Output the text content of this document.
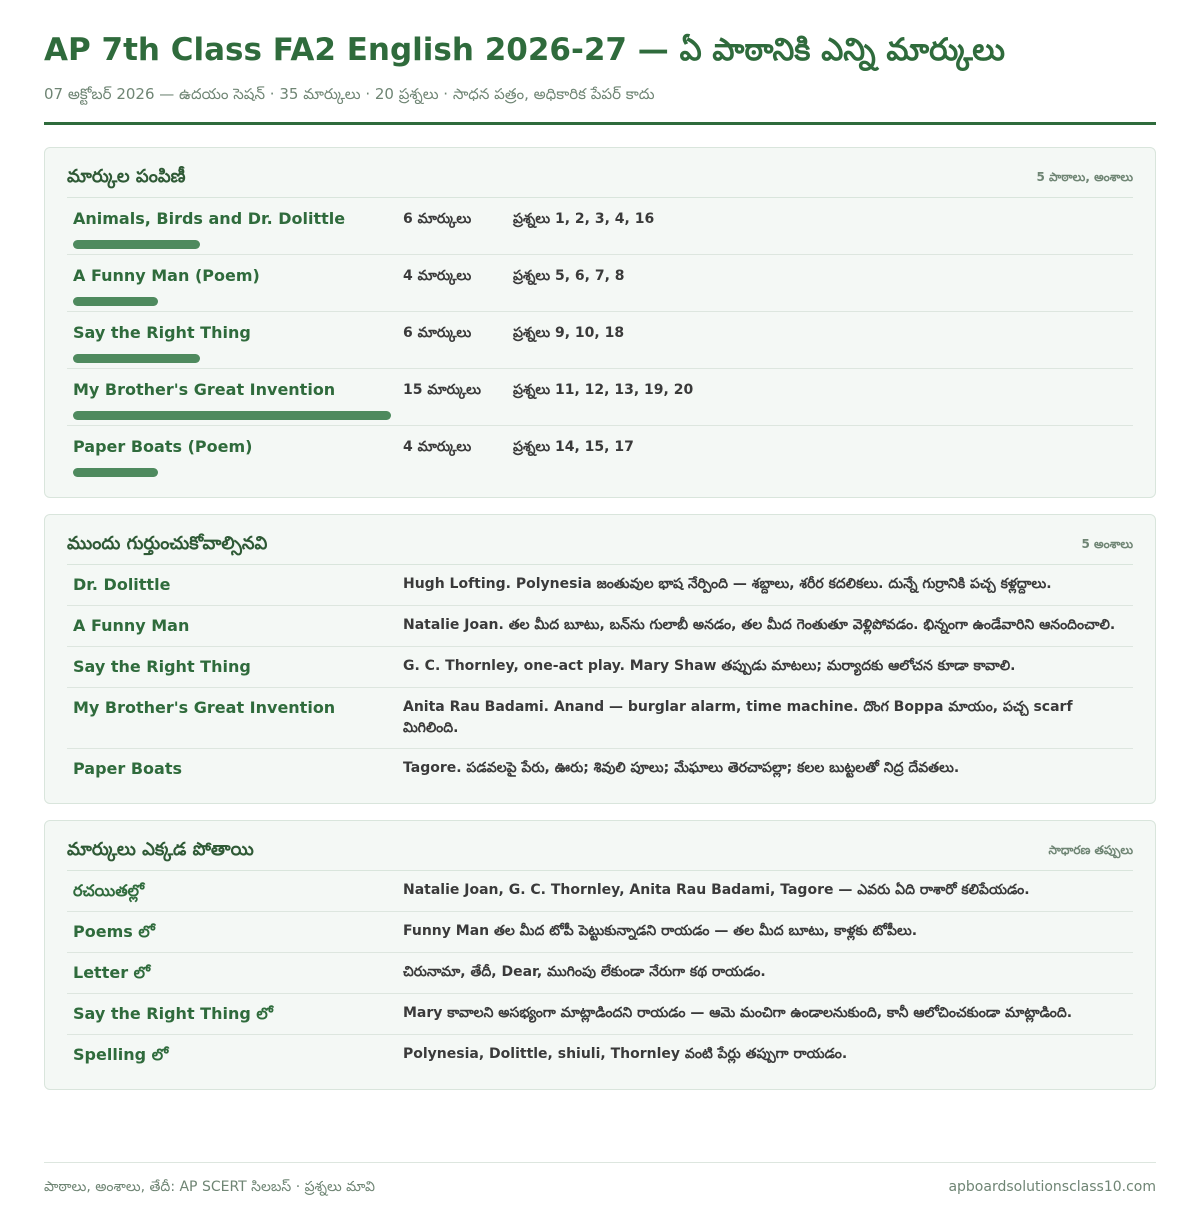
AP 7th Class FA2 English 2026-27 — ఏ పాఠానికి ఎన్ని మార్కులు
07 అక్టోబర్ 2026 — ఉదయం సెషన్ · 35 మార్కులు · 20 ప్రశ్నలు · సాధన పత్రం, అధికారిక పేపర్ కాదు
మార్కుల పంపిణీ	5 పాఠాలు, అంశాలు
Animals, Birds and Dr. Dolittle	6 మార్కులు	ప్రశ్నలు 1, 2, 3, 4, 16
A Funny Man (Poem)	4 మార్కులు	ప్రశ్నలు 5, 6, 7, 8
Say the Right Thing	6 మార్కులు	ప్రశ్నలు 9, 10, 18
My Brother's Great Invention	15 మార్కులు	ప్రశ్నలు 11, 12, 13, 19, 20
Paper Boats (Poem)	4 మార్కులు	ప్రశ్నలు 14, 15, 17
ముందు గుర్తుంచుకోవాల్సినవి	5 అంశాలు
Dr. Dolittle	Hugh Lofting. Polynesia జంతువుల భాష నేర్పింది — శబ్దాలు, శరీర కదలికలు. దున్నే గుర్రానికి పచ్చ కళ్లద్దాలు.
A Funny Man	Natalie Joan. తల మీద బూటు, బన్‌ను గులాబీ అనడం, తల మీద గెంతుతూ వెళ్లిపోవడం. భిన్నంగా ఉండేవారిని ఆనందించాలి.
Say the Right Thing	G. C. Thornley, one-act play. Mary Shaw తప్పుడు మాటలు; మర్యాదకు ఆలోచన కూడా కావాలి.
My Brother's Great Invention	Anita Rau Badami. Anand — burglar alarm, time machine. దొంగ Boppa మాయం, పచ్చ scarf మిగిలింది.
Paper Boats	Tagore. పడవలపై పేరు, ఊరు; శివులి పూలు; మేఘాలు తెరచాపల్లా; కలల బుట్టలతో నిద్ర దేవతలు.
మార్కులు ఎక్కడ పోతాయి	సాధారణ తప్పులు
రచయితల్లో	Natalie Joan, G. C. Thornley, Anita Rau Badami, Tagore — ఎవరు ఏది రాశారో కలిపేయడం.
Poems లో	Funny Man తల మీద టోపీ పెట్టుకున్నాడని రాయడం — తల మీద బూటు, కాళ్లకు టోపీలు.
Letter లో	చిరునామా, తేదీ, Dear, ముగింపు లేకుండా నేరుగా కథ రాయడం.
Say the Right Thing లో	Mary కావాలని అసభ్యంగా మాట్లాడిందని రాయడం — ఆమె మంచిగా ఉండాలనుకుంది, కానీ ఆలోచించకుండా మాట్లాడింది.
Spelling లో	Polynesia, Dolittle, shiuli, Thornley వంటి పేర్లు తప్పుగా రాయడం.
పాఠాలు, అంశాలు, తేదీ: AP SCERT సిలబస్ · ప్రశ్నలు మావి	apboardsolutionsclass10.com
